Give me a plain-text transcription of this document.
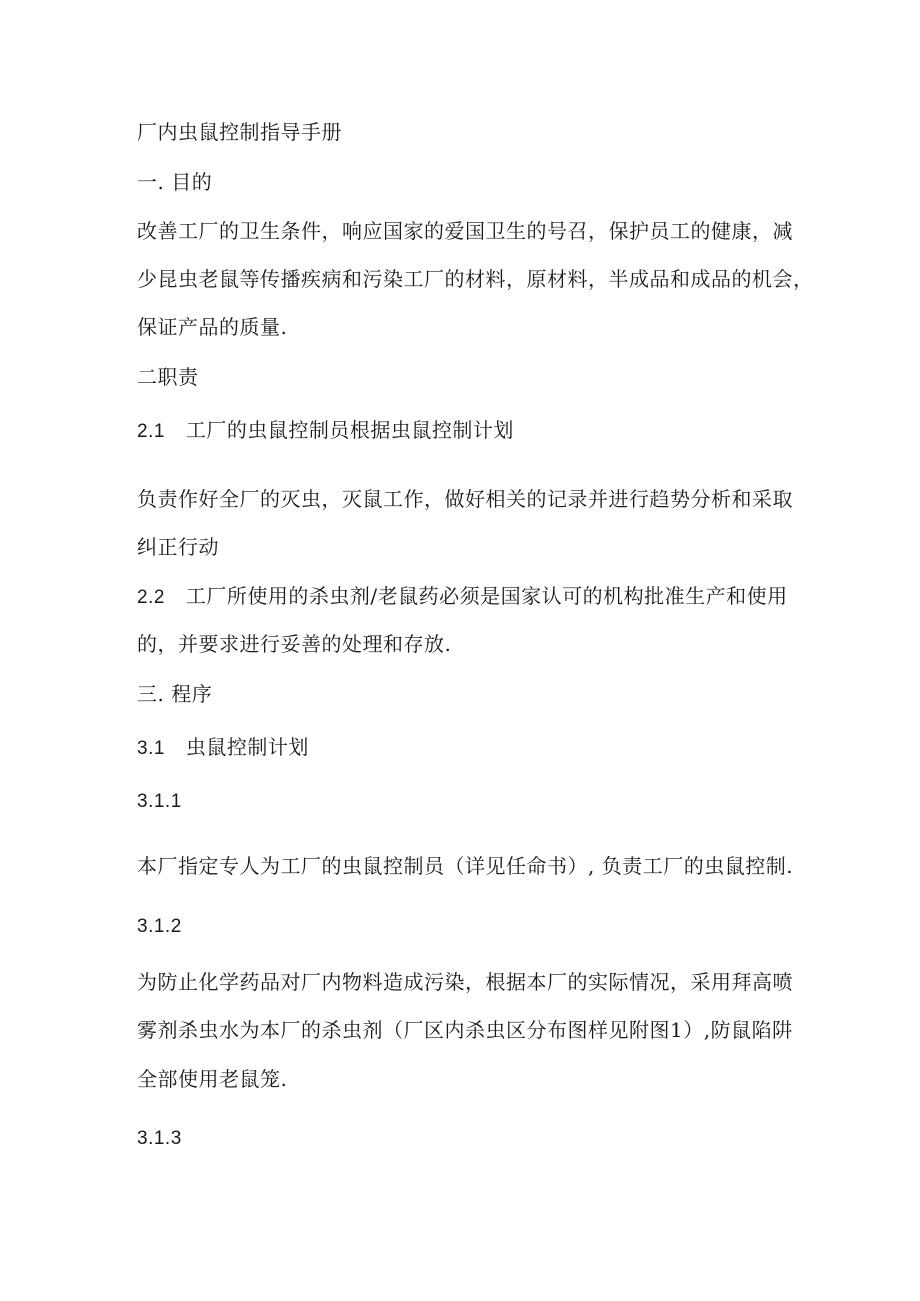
厂内虫鼠控制指导手册
一. 目的
改善工厂的卫生条件，响应国家的爱国卫生的号召，保护员工的健康，减
少昆虫老鼠等传播疾病和污染工厂的材料，原材料，半成品和成品的机会，
保证产品的质量.
二职责
2.1 工厂的虫鼠控制员根据虫鼠控制计划
负责作好全厂的灭虫，灭鼠工作，做好相关的记录并进行趋势分析和采取
纠正行动
2.2 工厂所使用的杀虫剂/老鼠药必须是国家认可的机构批准生产和使用
的，并要求进行妥善的处理和存放.
三. 程序
3.1 虫鼠控制计划
3.1.1
本厂指定专人为工厂的虫鼠控制员（详见任命书）, 负责工厂的虫鼠控制.
3.1.2
为防止化学药品对厂内物料造成污染，根据本厂的实际情况，采用拜高喷
雾剂杀虫水为本厂的杀虫剂（厂区内杀虫区分布图样见附图1）,防鼠陷阱
全部使用老鼠笼.
3.1.3
